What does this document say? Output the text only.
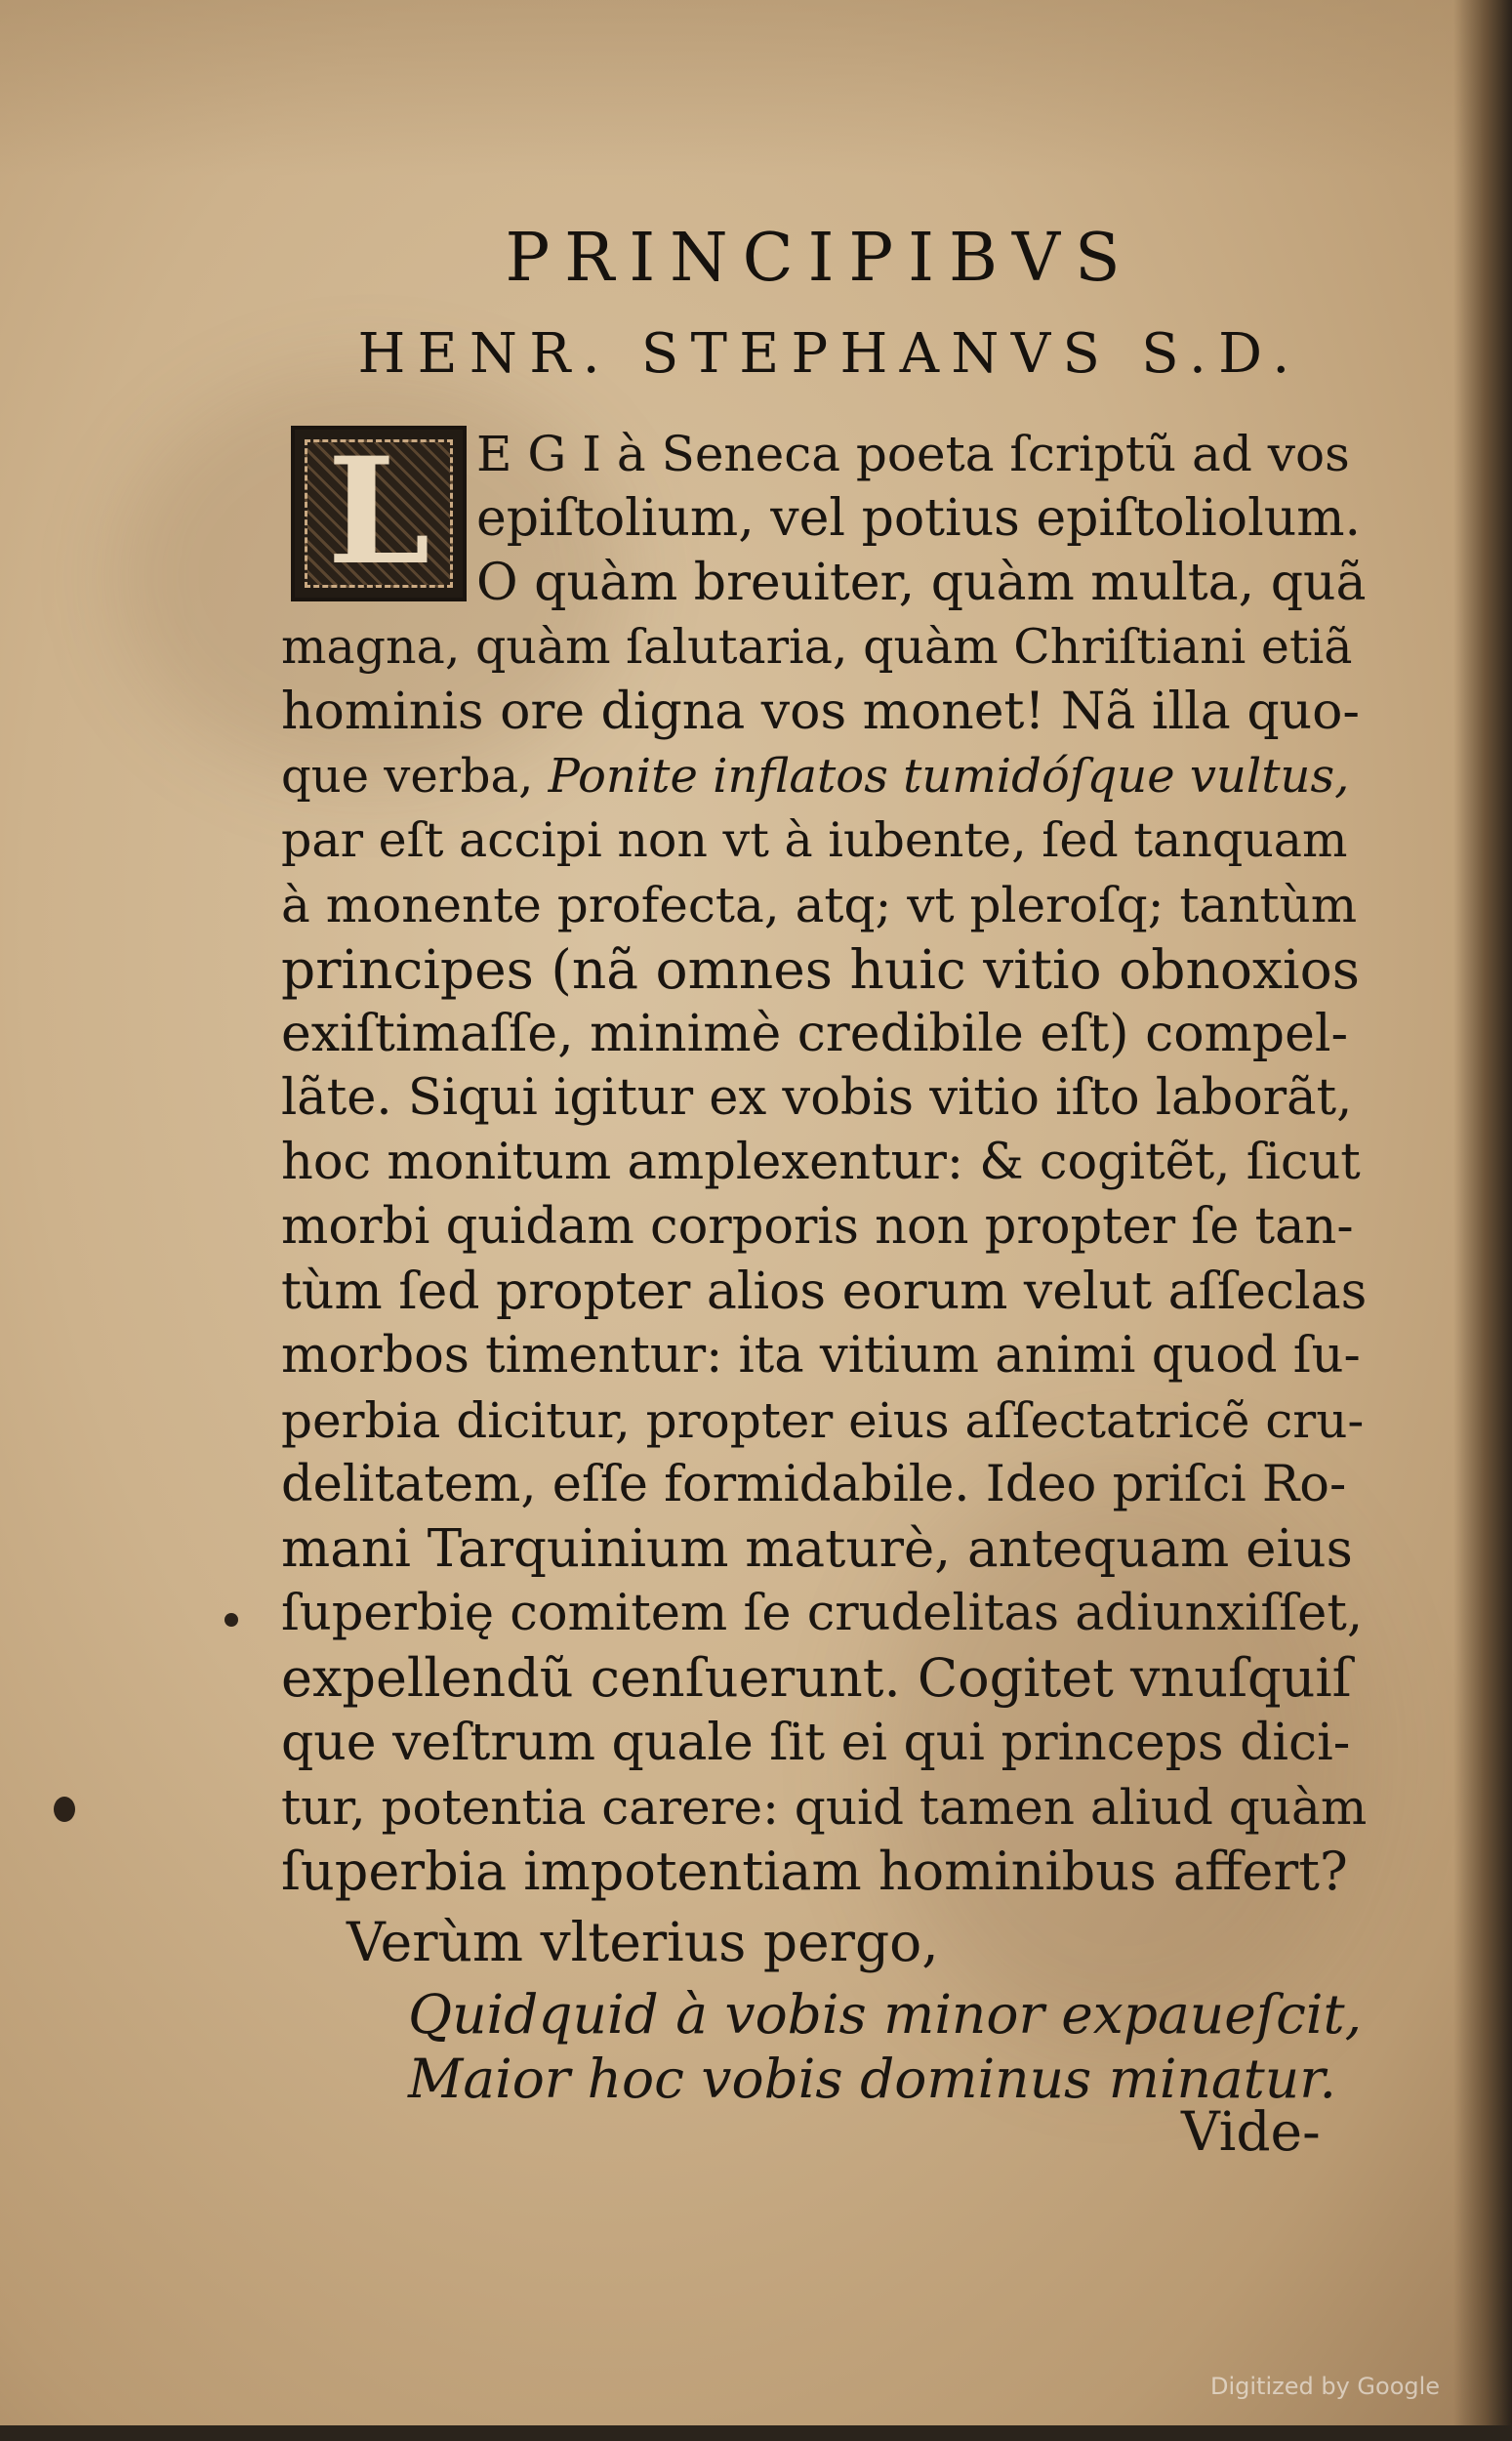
PRINCIPIBVS
HENR. STEPHANVS S.D.
L E G I à Seneca poeta ſcriptũ ad vos
epiſtolium, vel potius epiſtoliolum.
O quàm breuiter, quàm multa, quã
magna, quàm ſalutaria, quàm Chriſtiani etiã
hominis ore digna vos monet! Nã illa quo-
que verba, Ponite inflatos tumidóſque vultus,
par eſt accipi non vt à iubente, ſed tanquam
à monente profecta, atq; vt pleroſq; tantùm
principes (nã omnes huic vitio obnoxios
exiſtimaſſe, minimè credibile eſt) compel-
lãte. Siqui igitur ex vobis vitio iſto laborãt,
hoc monitum amplexentur: & cogitẽt, ſicut
morbi quidam corporis non propter ſe tan-
tùm ſed propter alios eorum velut aſſeclas
morbos timentur: ita vitium animi quod ſu-
perbia dicitur, propter eius aſſectatricẽ cru-
delitatem, eſſe formidabile. Ideo priſci Ro-
mani Tarquinium maturè, antequam eius
ſuperbię comitem ſe crudelitas adiunxiſſet,
expellendũ cenſuerunt. Cogitet vnuſquiſ
que veſtrum quale ſit ei qui princeps dici-
tur, potentia carere: quid tamen aliud quàm
ſuperbia impotentiam hominibus affert?
Verùm vlterius pergo,
Quidquid à vobis minor expaueſcit,
Maior hoc vobis dominus minatur.
Vide-
Digitized by Google
